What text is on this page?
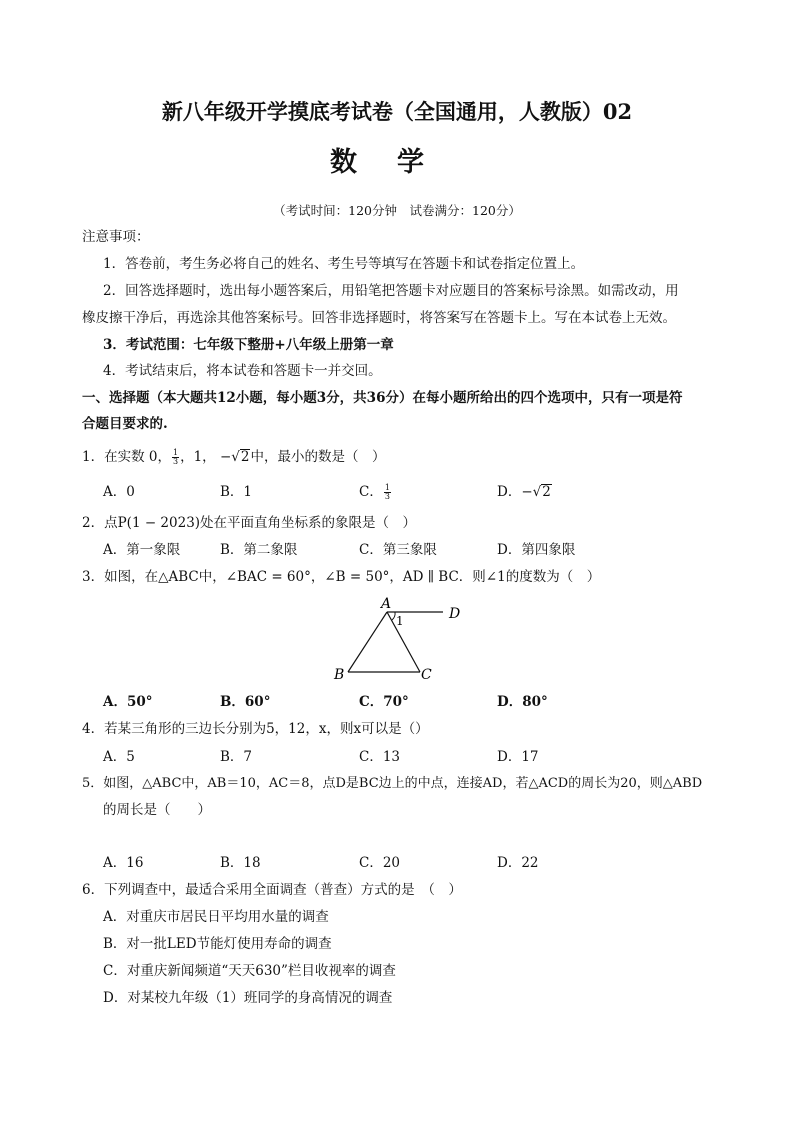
新八年级开学摸底考试卷（全国通用，人教版）02
数学
（考试时间：120分钟　试卷满分：120分）
注意事项：
1．答卷前，考生务必将自己的姓名、考生号等填写在答题卡和试卷指定位置上。
2．回答选择题时，选出每小题答案后，用铅笔把答题卡对应题目的答案标号涂黑。如需改动，用
橡皮擦干净后，再选涂其他答案标号。回答非选择题时，将答案写在答题卡上。写在本试卷上无效。
3．考试范围：七年级下整册+八年级上册第一章
4．考试结束后，将本试卷和答题卡一并交回。
一、选择题（本大题共12小题，每小题3分，共36分）在每小题所给出的四个选项中，只有一项是符
合题目要求的.
1．在实数 0， $\frac{1}{3}$ ，1， −√2中，最小的数是（　）
A．0	B．1	C． $\frac{1}{3}$	D．−√2
2．点P(1 − 2023)处在平面直角坐标系的象限是（　）
A．第一象限	B．第二象限	C．第三象限	D．第四象限
3．如图，在△ABC中，∠BAC = 60°，∠B = 50°，AD ∥ BC．则∠1的度数为（　）
A
D
B	C
1
A．50°	B．60°	C．70°	D．80°
4．若某三角形的三边长分别为5，12，x，则x可以是（）
A．5	B．7	C．13	D．17
5．如图，△ABC中，AB＝10，AC＝8，点D是BC边上的中点，连接AD，若△ACD的周长为20，则△ABD
的周长是（　　）
A．16	B．18	C．20	D．22
6．下列调查中，最适合采用全面调查（普查）方式的是　（　）
A．对重庆市居民日平均用水量的调查
B．对一批LED节能灯使用寿命的调查
C．对重庆新闻频道“天天630”栏目收视率的调查
D．对某校九年级（1）班同学的身高情况的调查
